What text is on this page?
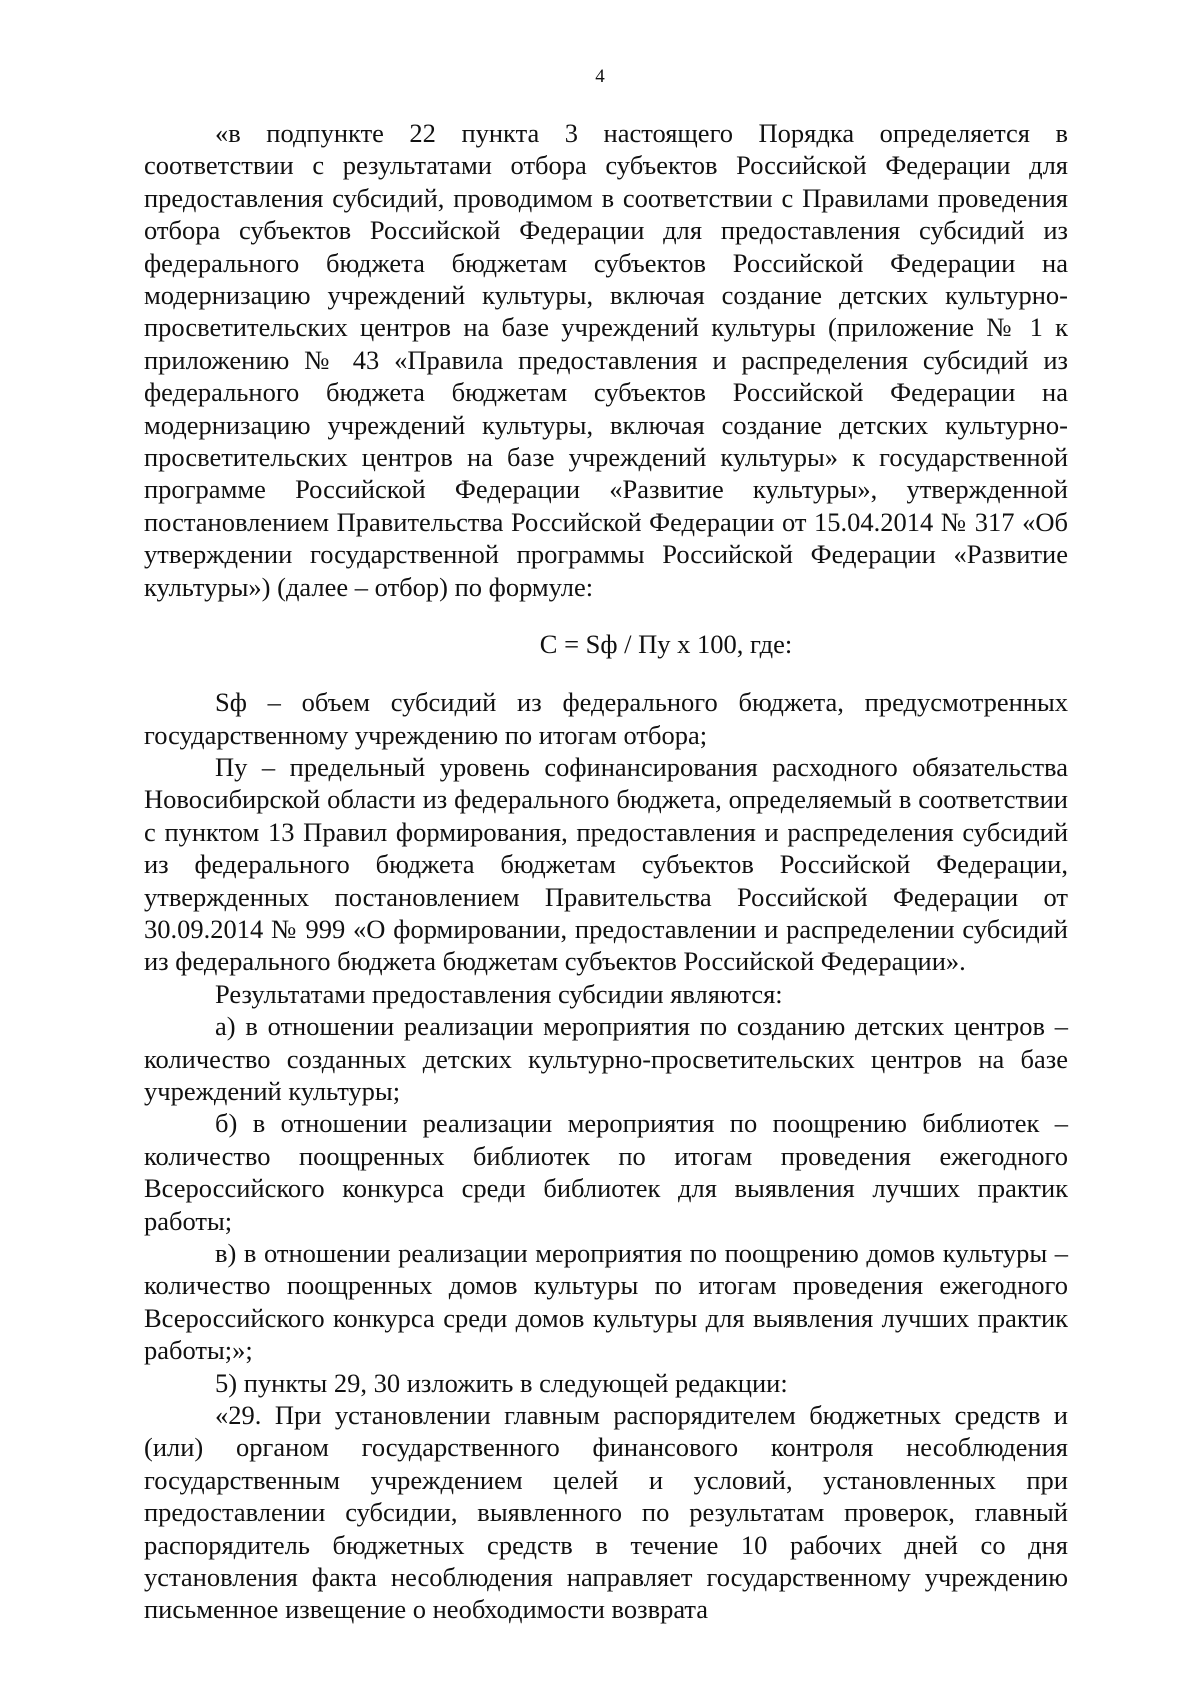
4

«в подпункте 22 пункта 3 настоящего Порядка определяется в соответствии с результатами отбора субъектов Российской Федерации для предоставления субсидий, проводимом в соответствии с Правилами проведения отбора субъектов Российской Федерации для предоставления субсидий из федерального бюджета бюджетам субъектов Российской Федерации на модернизацию учреждений культуры, включая создание детских культурно-просветительских центров на базе учреждений культуры (приложение № 1 к приложению № 43 «Правила предоставления и распределения субсидий из федерального бюджета бюджетам субъектов Российской Федерации на модернизацию учреждений культуры, включая создание детских культурно-просветительских центров на базе учреждений культуры» к государственной программе Российской Федерации «Развитие культуры», утвержденной постановлением Правительства Российской Федерации от 15.04.2014 № 317 «Об утверждении государственной программы Российской Федерации «Развитие культуры») (далее – отбор) по формуле:

C = Sф / Пу х 100, где:

Sф – объем субсидий из федерального бюджета, предусмотренных государственному учреждению по итогам отбора;

Пу – предельный уровень софинансирования расходного обязательства Новосибирской области из федерального бюджета, определяемый в соответствии с пунктом 13 Правил формирования, предоставления и распределения субсидий из федерального бюджета бюджетам субъектов Российской Федерации, утвержденных постановлением Правительства Российской Федерации от 30.09.2014 № 999 «О формировании, предоставлении и распределении субсидий из федерального бюджета бюджетам субъектов Российской Федерации».

Результатами предоставления субсидии являются:

а) в отношении реализации мероприятия по созданию детских центров – количество созданных детских культурно-просветительских центров на базе учреждений культуры;

б) в отношении реализации мероприятия по поощрению библиотек – количество поощренных библиотек по итогам проведения ежегодного Всероссийского конкурса среди библиотек для выявления лучших практик работы;

в) в отношении реализации мероприятия по поощрению домов культуры – количество поощренных домов культуры по итогам проведения ежегодного Всероссийского конкурса среди домов культуры для выявления лучших практик работы;»;

5) пункты 29, 30 изложить в следующей редакции:

«29. При установлении главным распорядителем бюджетных средств и (или) органом государственного финансового контроля несоблюдения государственным учреждением целей и условий, установленных при предоставлении субсидии, выявленного по результатам проверок, главный распорядитель бюджетных средств в течение 10 рабочих дней со дня установления факта несоблюдения направляет государственному учреждению письменное извещение о необходимости возврата
